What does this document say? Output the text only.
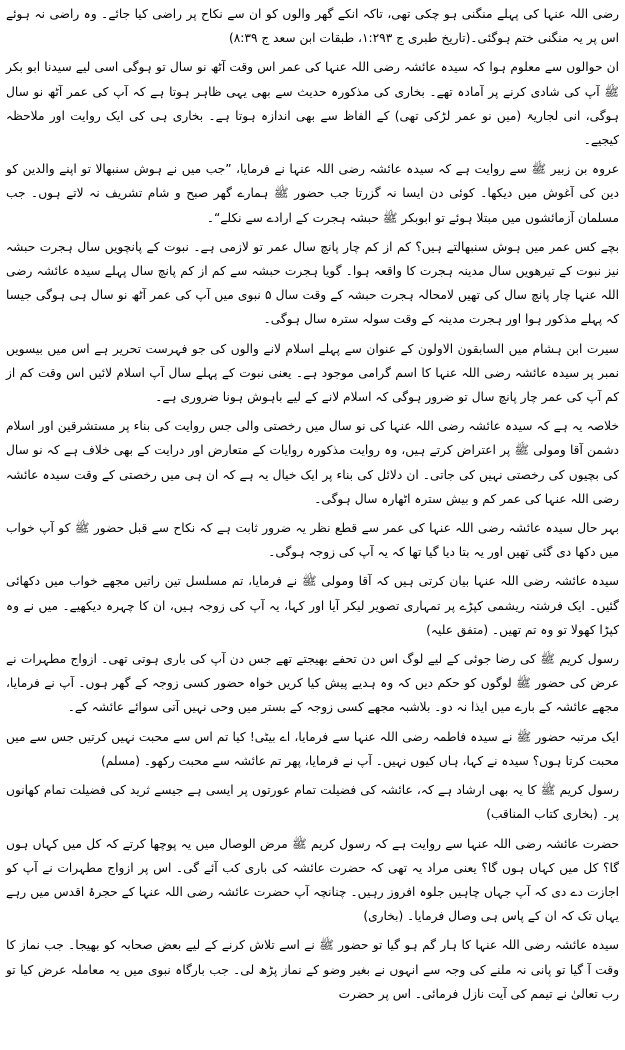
رضی اللہ عنہا کی پہلے منگنی ہو چکی تھی، تاکہ انکے گھر والوں کو ان سے نکاح پر راضی کیا جائے۔ وہ راضی نہ ہوئے اس پر یہ منگنی ختم ہوگئی۔(تاریخ طبری ج ۱:۲۹۳، طبقات ابن سعد ج ۸:۳۹)

ان حوالوں سے معلوم ہوا کہ سیدہ عائشہ رضی اللہ عنہا کی عمر اس وقت آٹھ نو سال تو ہوگی اسی لیے سیدنا ابو بکر ﷺ آپ کی شادی کرنے پر آمادہ تھے۔ بخاری کی مذکورہ حدیث سے بھی یہی ظاہر ہوتا ہے کہ آپ کی عمر آٹھ نو سال ہوگی، انی لجاریۃ (میں نو عمر لڑکی تھی) کے الفاظ سے بھی اندازہ ہوتا ہے۔ بخاری ہی کی ایک روایت اور ملاحظہ کیجیے۔

عروہ بن زبیر ﷺ سے روایت ہے کہ سیدہ عائشہ رضی اللہ عنہا نے فرمایا، ”جب میں نے ہوش سنبھالا تو اپنے والدین کو دین کی آغوش میں دیکھا۔ کوئی دن ایسا نہ گزرتا جب حضور ﷺ ہمارے گھر صبح و شام تشریف نہ لاتے ہوں۔ جب مسلمان آزمائشوں میں مبتلا ہوئے تو ابوبکر ﷺ حبشہ ہجرت کے ارادے سے نکلے“۔

بچے کس عمر میں ہوش سنبھالتے ہیں؟ کم از کم چار پانچ سال عمر تو لازمی ہے۔ نبوت کے پانچویں سال ہجرت حبشہ نیز نبوت کے تیرھویں سال مدینہ ہجرت کا واقعہ ہوا۔ گویا ہجرت حبشہ سے کم از کم پانچ سال پہلے سیدہ عائشہ رضی اللہ عنہا چار پانچ سال کی تھیں لامحالہ ہجرت حبشہ کے وقت سال ۵ نبوی میں آپ کی عمر آٹھ نو سال ہی ہوگی جیسا کہ پہلے مذکور ہوا اور ہجرت مدینہ کے وقت سولہ سترہ سال ہوگی۔

سیرت ابن ہشام میں السابقون الاولون کے عنوان سے پہلے اسلام لانے والوں کی جو فہرست تحریر ہے اس میں بیسویں نمبر پر سیدہ عائشہ رضی اللہ عنہا کا اسم گرامی موجود ہے۔ یعنی نبوت کے پہلے سال آپ اسلام لائیں اس وقت کم از کم آپ کی عمر چار پانچ سال تو ضرور ہوگی کہ اسلام لانے کے لیے باہوش ہونا ضروری ہے۔

خلاصہ یہ ہے کہ سیدہ عائشہ رضی اللہ عنہا کی نو سال میں رخصتی والی جس روایت کی بناء پر مستشرقین اور اسلام دشمن آقا ومولی ﷺ پر اعتراض کرتے ہیں، وہ روایت مذکورہ روایات کے متعارض اور درایت کے بھی خلاف ہے کہ نو سال کی بچیوں کی رخصتی نہیں کی جاتی۔ ان دلائل کی بناء پر ایک خیال یہ ہے کہ ان ہی میں رخصتی کے وقت سیدہ عائشہ رضی اللہ عنہا کی عمر کم و بیش سترہ اٹھارہ سال ہوگی۔

بہر حال سیدہ عائشہ رضی اللہ عنہا کی عمر سے قطع نظر یہ ضرور ثابت ہے کہ نکاح سے قبل حضور ﷺ کو آپ خواب میں دکھا دی گئی تھیں اور یہ بتا دیا گیا تھا کہ یہ آپ کی زوجہ ہوگی۔

سیدہ عائشہ رضی اللہ عنہا بیان کرتی ہیں کہ آقا ومولی ﷺ نے فرمایا، تم مسلسل تین راتیں مجھے خواب میں دکھائی گئیں۔ ایک فرشتہ ریشمی کپڑے پر تمہاری تصویر لیکر آیا اور کہا، یہ آپ کی زوجہ ہیں، ان کا چہرہ دیکھیے۔ میں نے وہ کپڑا کھولا تو وہ تم تھیں۔ (متفق علیہ)

رسول کریم ﷺ کی رضا جوئی کے لیے لوگ اس دن تحفے بھیجتے تھے جس دن آپ کی باری ہوتی تھی۔ ازواج مطہرات نے عرض کی حضور ﷺ لوگوں کو حکم دیں کہ وہ ہدیے پیش کیا کریں خواہ حضور کسی زوجہ کے گھر ہوں۔ آپ نے فرمایا، مجھے عائشہ کے بارے میں ایذا نہ دو۔ بلاشبہ مجھے کسی زوجہ کے بستر میں وحی نہیں آتی سوائے عائشہ کے۔

ایک مرتبہ حضور ﷺ نے سیدہ فاطمہ رضی اللہ عنہا سے فرمایا، اے بیٹی! کیا تم اس سے محبت نہیں کرتیں جس سے میں محبت کرتا ہوں؟ سیدہ نے کہا، ہاں کیوں نہیں۔ آپ نے فرمایا، پھر تم عائشہ سے محبت رکھو۔ (مسلم)

رسول کریم ﷺ کا یہ بھی ارشاد ہے کہ، عائشہ کی فضیلت تمام عورتوں پر ایسی ہے جیسے ثرید کی فضیلت تمام کھانوں پر۔ (بخاری کتاب المناقب)

حضرت عائشہ رضی اللہ عنہا سے روایت ہے کہ رسول کریم ﷺ مرض الوصال میں یہ پوچھا کرتے کہ کل میں کہاں ہوں گا؟ کل میں کہاں ہوں گا؟ یعنی مراد یہ تھی کہ حضرت عائشہ کی باری کب آئے گی۔ اس پر ازواج مطہرات نے آپ کو اجازت دے دی کہ آپ جہاں چاہیں جلوہ افروز رہیں۔ چنانچہ آپ حضرت عائشہ رضی اللہ عنہا کے حجرۂ اقدس میں رہے یہاں تک کہ ان کے پاس ہی وصال فرمایا۔ (بخاری)

سیدہ عائشہ رضی اللہ عنہا کا ہار گم ہو گیا تو حضور ﷺ نے اسے تلاش کرنے کے لیے بعض صحابہ کو بھیجا۔ جب نماز کا وقت آ گیا تو پانی نہ ملنے کی وجہ سے انہوں نے بغیر وضو کے نماز پڑھ لی۔ جب بارگاہ نبوی میں یہ معاملہ عرض کیا تو رب تعالیٰ نے تیمم کی آیت نازل فرمائی۔ اس پر حضرت
